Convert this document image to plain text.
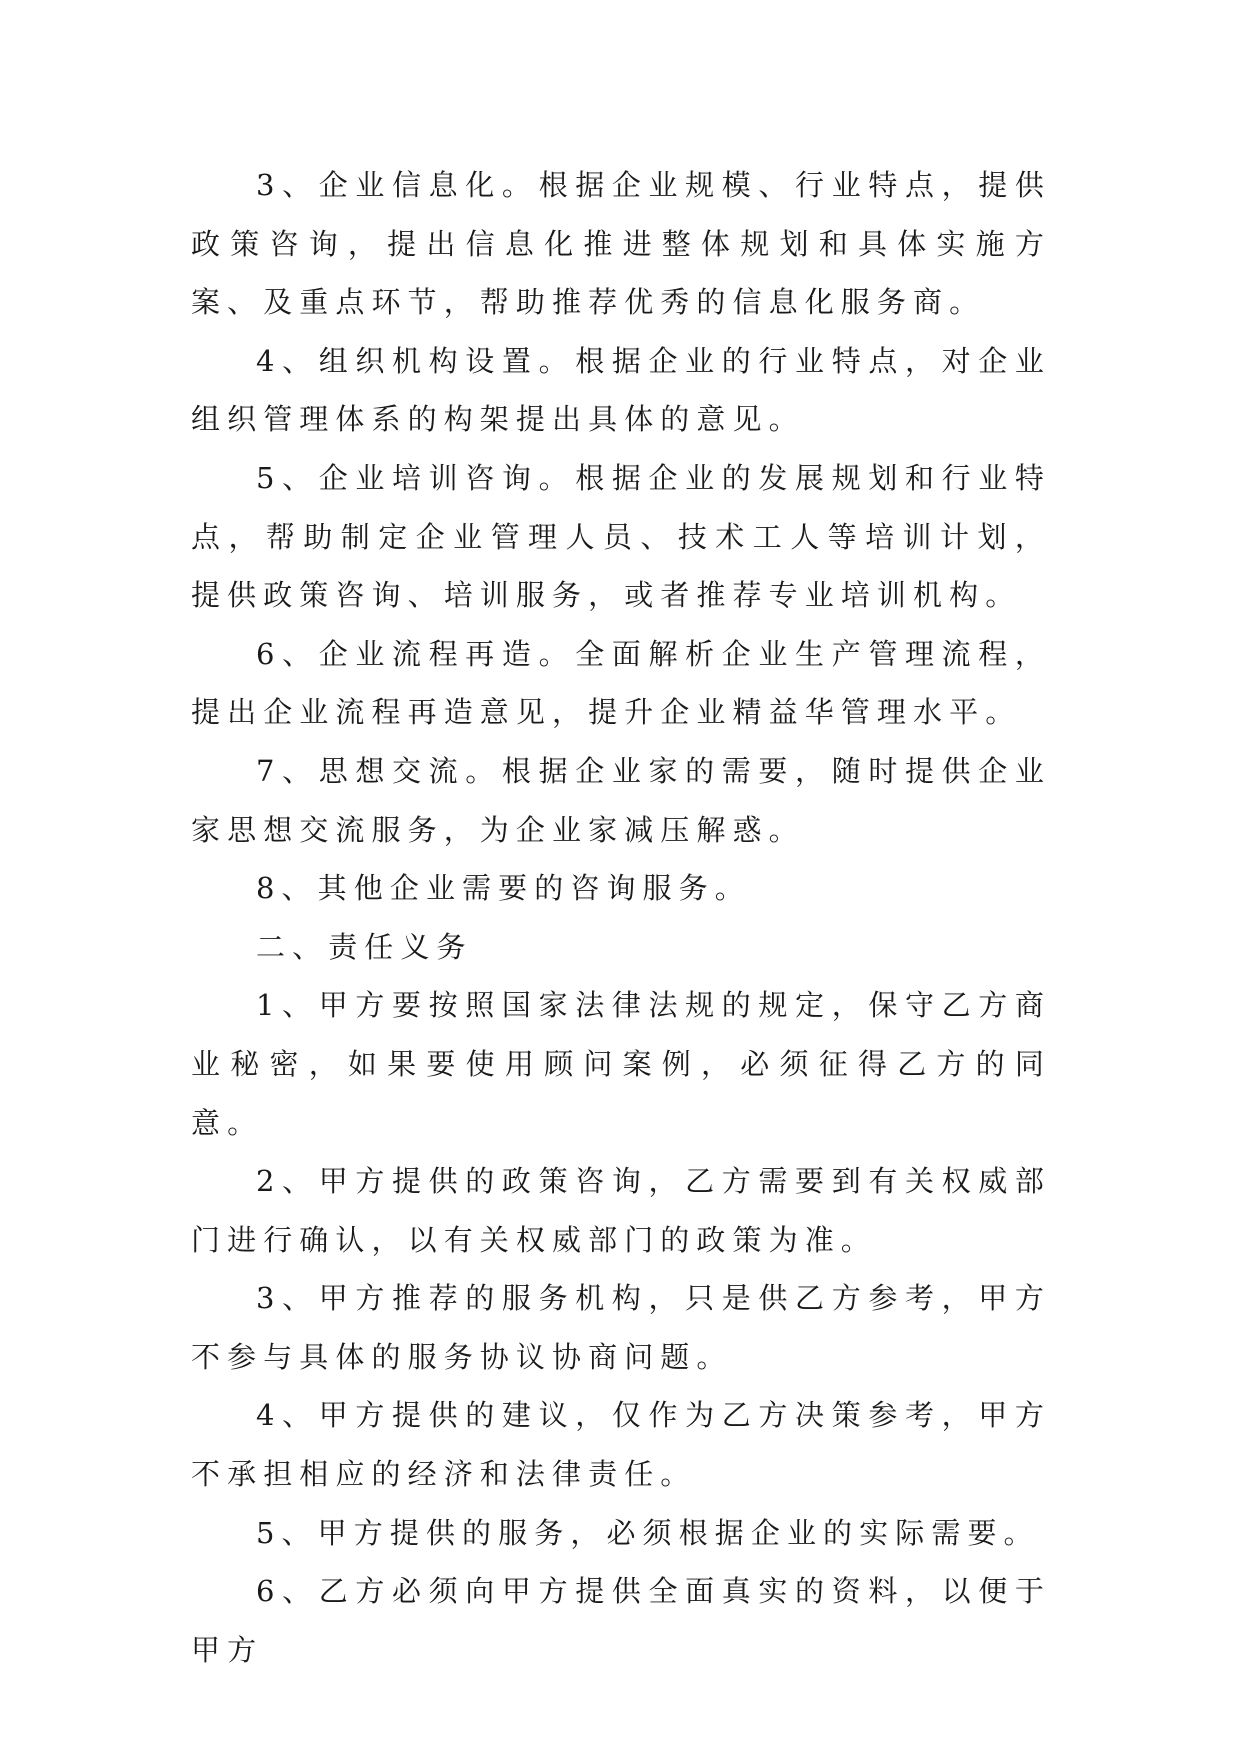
3、企业信息化。根据企业规模、行业特点，提供政策咨询，提出信息化推进整体规划和具体实施方案、及重点环节，帮助推荐优秀的信息化服务商。

4、组织机构设置。根据企业的行业特点，对企业组织管理体系的构架提出具体的意见。

5、企业培训咨询。根据企业的发展规划和行业特点，帮助制定企业管理人员、技术工人等培训计划，提供政策咨询、培训服务，或者推荐专业培训机构。

6、企业流程再造。全面解析企业生产管理流程，提出企业流程再造意见，提升企业精益华管理水平。

7、思想交流。根据企业家的需要，随时提供企业家思想交流服务，为企业家减压解惑。

8、其他企业需要的咨询服务。

二、责任义务

1、甲方要按照国家法律法规的规定，保守乙方商业秘密，如果要使用顾问案例，必须征得乙方的同意。

2、甲方提供的政策咨询，乙方需要到有关权威部门进行确认，以有关权威部门的政策为准。

3、甲方推荐的服务机构，只是供乙方参考，甲方不参与具体的服务协议协商问题。

4、甲方提供的建议，仅作为乙方决策参考，甲方不承担相应的经济和法律责任。

5、甲方提供的服务，必须根据企业的实际需要。

6、乙方必须向甲方提供全面真实的资料，以便于甲方
